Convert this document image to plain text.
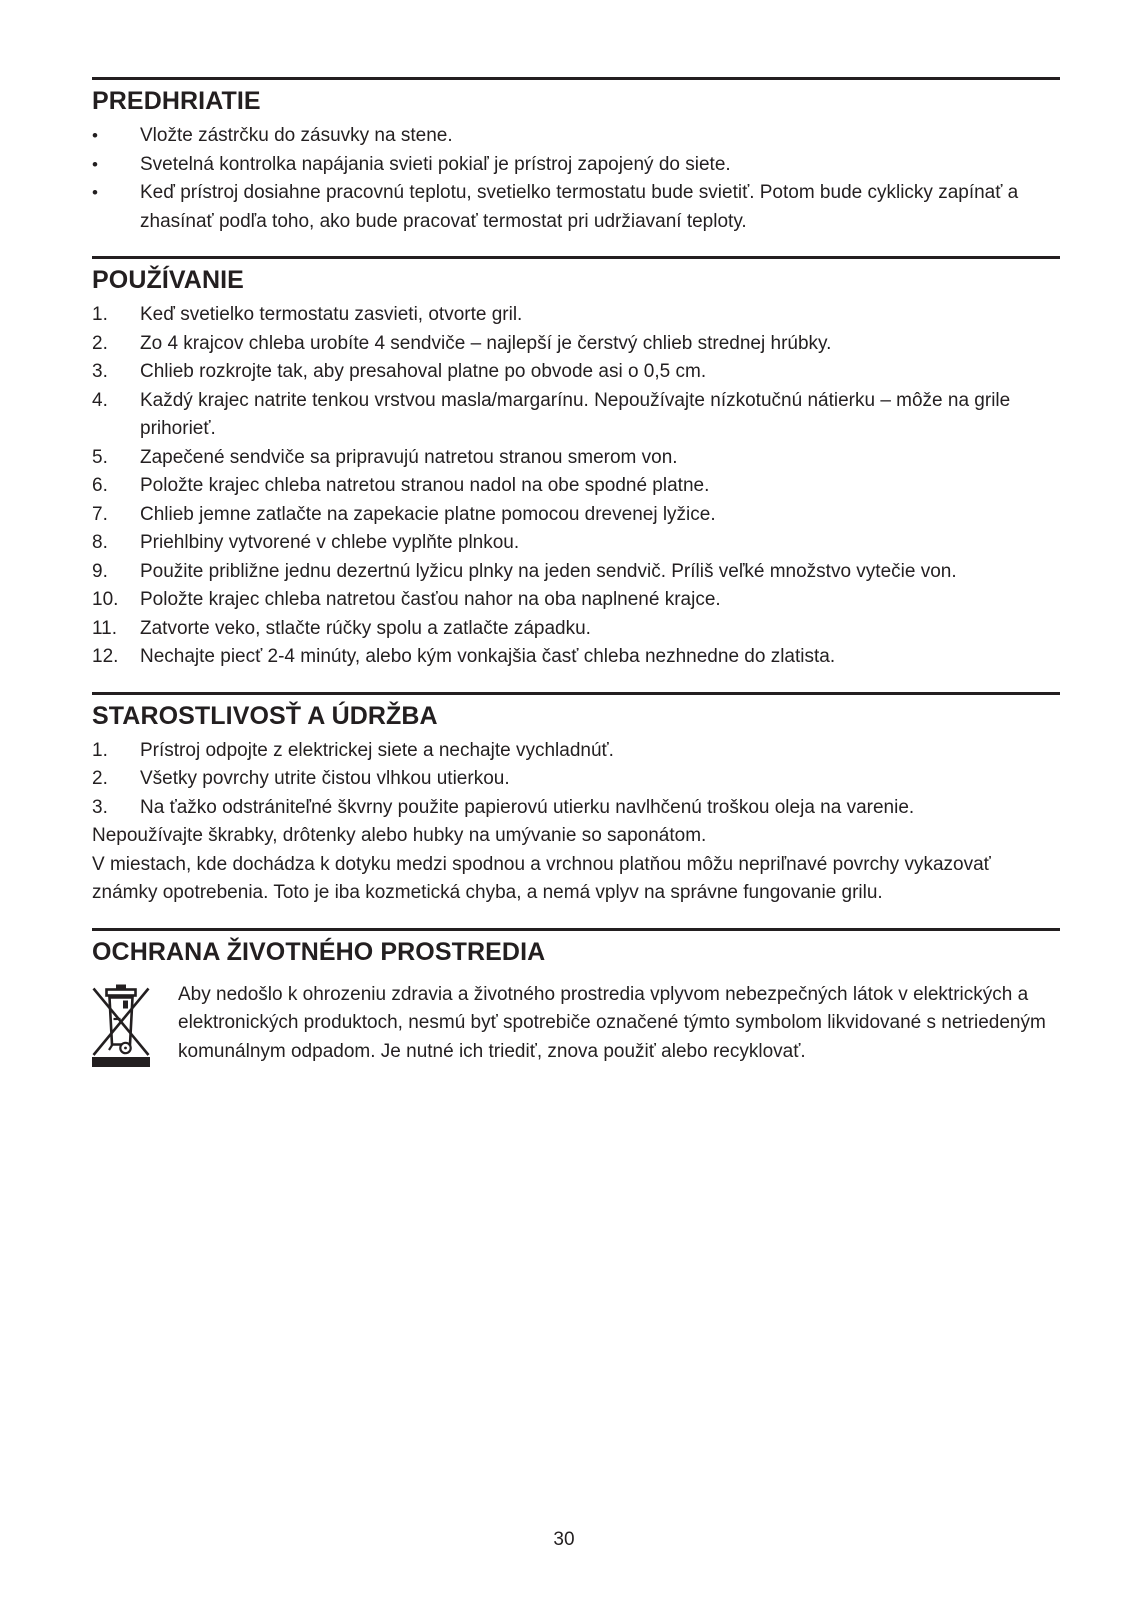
PREDHRIATIE
•	Vložte zástrčku do zásuvky na stene.
•	Svetelná kontrolka napájania svieti pokiaľ je prístroj zapojený do siete.
•	Keď prístroj dosiahne pracovnú teplotu, svetielko termostatu bude svietiť. Potom bude cyklicky zapínať a zhasínať podľa toho, ako bude pracovať termostat pri udržiavaní teploty.
POUŽÍVANIE
1.	Keď svetielko termostatu zasvieti, otvorte gril.
2.	Zo 4 krajcov chleba urobíte 4 sendviče – najlepší je čerstvý chlieb strednej hrúbky.
3.	Chlieb rozkrojte tak, aby presahoval platne po obvode asi o 0,5 cm.
4.	Každý krajec natrite tenkou vrstvou masla/margarínu. Nepoužívajte nízkotučnú nátierku – môže na grile prihorieť.
5.	Zapečené sendviče sa pripravujú natretou stranou smerom von.
6.	Položte krajec chleba natretou stranou nadol na obe spodné platne.
7.	Chlieb jemne zatlačte na zapekacie platne pomocou drevenej lyžice.
8.	Priehlbiny vytvorené v chlebe vyplňte plnkou.
9.	Použite približne jednu dezertnú lyžicu plnky na jeden sendvič. Príliš veľké množstvo vytečie von.
10.	Položte krajec chleba natretou časťou nahor na oba naplnené krajce.
11.	Zatvorte veko, stlačte rúčky spolu a zatlačte západku.
12.	Nechajte piecť 2-4 minúty, alebo kým vonkajšia časť chleba nezhnedne do zlatista.
STAROSTLIVOSŤ A ÚDRŽBA
1.	Prístroj odpojte z elektrickej siete a nechajte vychladnúť.
2.	Všetky povrchy utrite čistou vlhkou utierkou.
3.	Na ťažko odstrániteľné škvrny použite papierovú utierku navlhčenú troškou oleja na varenie.

Nepoužívajte škrabky, drôtenky alebo hubky na umývanie so saponátom.

V miestach, kde dochádza k dotyku medzi spodnou a vrchnou platňou môžu nepriľnavé povrchy vykazovať známky opotrebenia. Toto je iba kozmetická chyba, a nemá vplyv na správne fungovanie grilu.

OCHRANA ŽIVOTNÉHO PROSTREDIA
Aby nedošlo k ohrozeniu zdravia a životného prostredia vplyvom nebezpečných látok v elektrických a elektronických produktoch, nesmú byť spotrebiče označené týmto symbolom likvidované s netriedeným komunálnym odpadom. Je nutné ich triediť, znova použiť alebo recyklovať.
30
